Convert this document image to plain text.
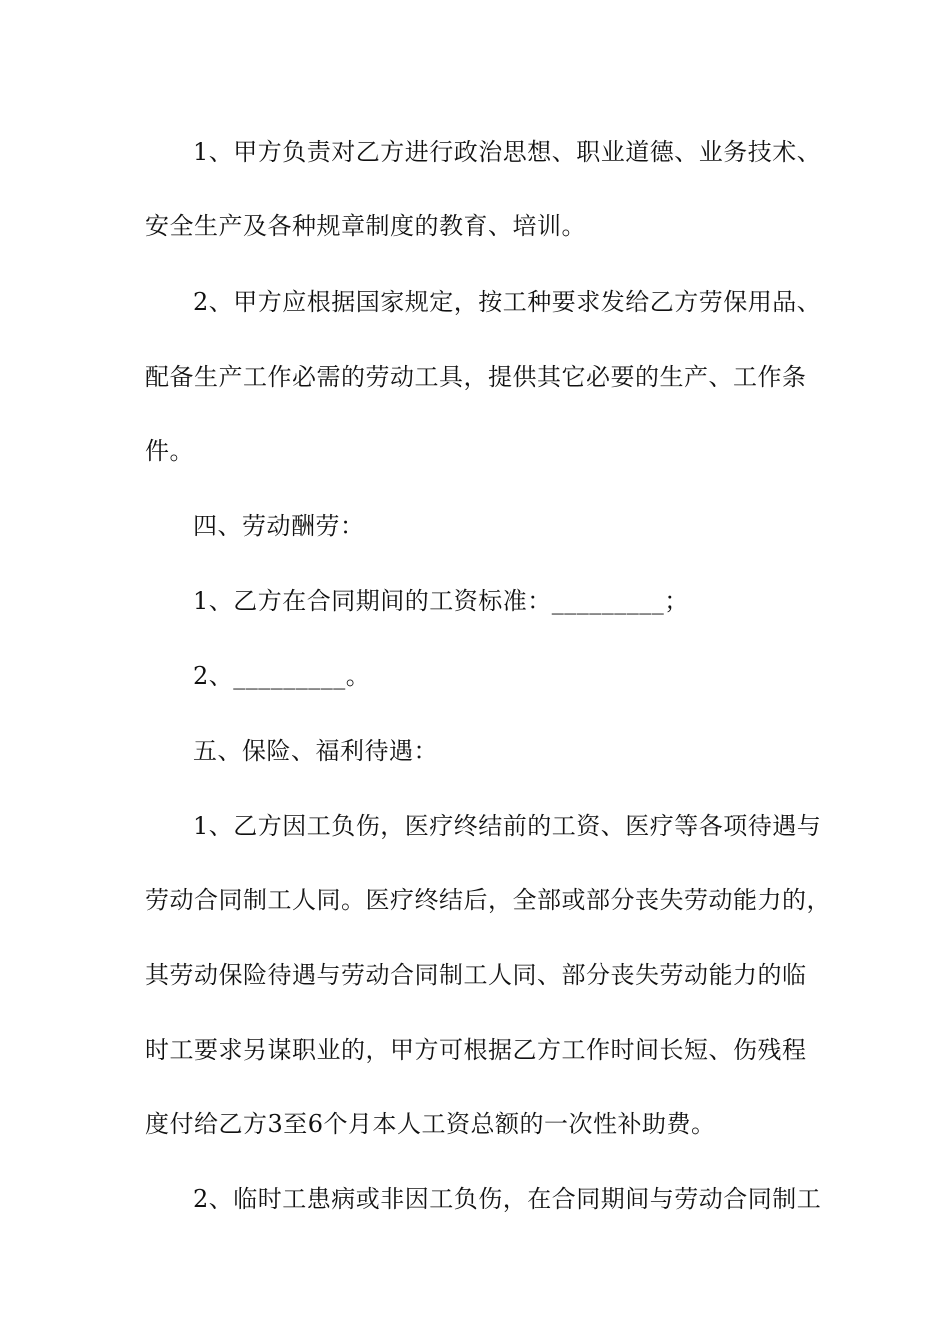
1、甲方负责对乙方进行政治思想、职业道德、业务技术、
安全生产及各种规章制度的教育、培训。
2、甲方应根据国家规定，按工种要求发给乙方劳保用品、
配备生产工作必需的劳动工具，提供其它必要的生产、工作条
件。
四、劳动酬劳：
1、乙方在合同期间的工资标准：_________；
2、_________。
五、保险、福利待遇：
1、乙方因工负伤，医疗终结前的工资、医疗等各项待遇与
劳动合同制工人同。医疗终结后，全部或部分丧失劳动能力的，
其劳动保险待遇与劳动合同制工人同、部分丧失劳动能力的临
时工要求另谋职业的，甲方可根据乙方工作时间长短、伤残程
度付给乙方3至6个月本人工资总额的一次性补助费。
2、临时工患病或非因工负伤，在合同期间与劳动合同制工
